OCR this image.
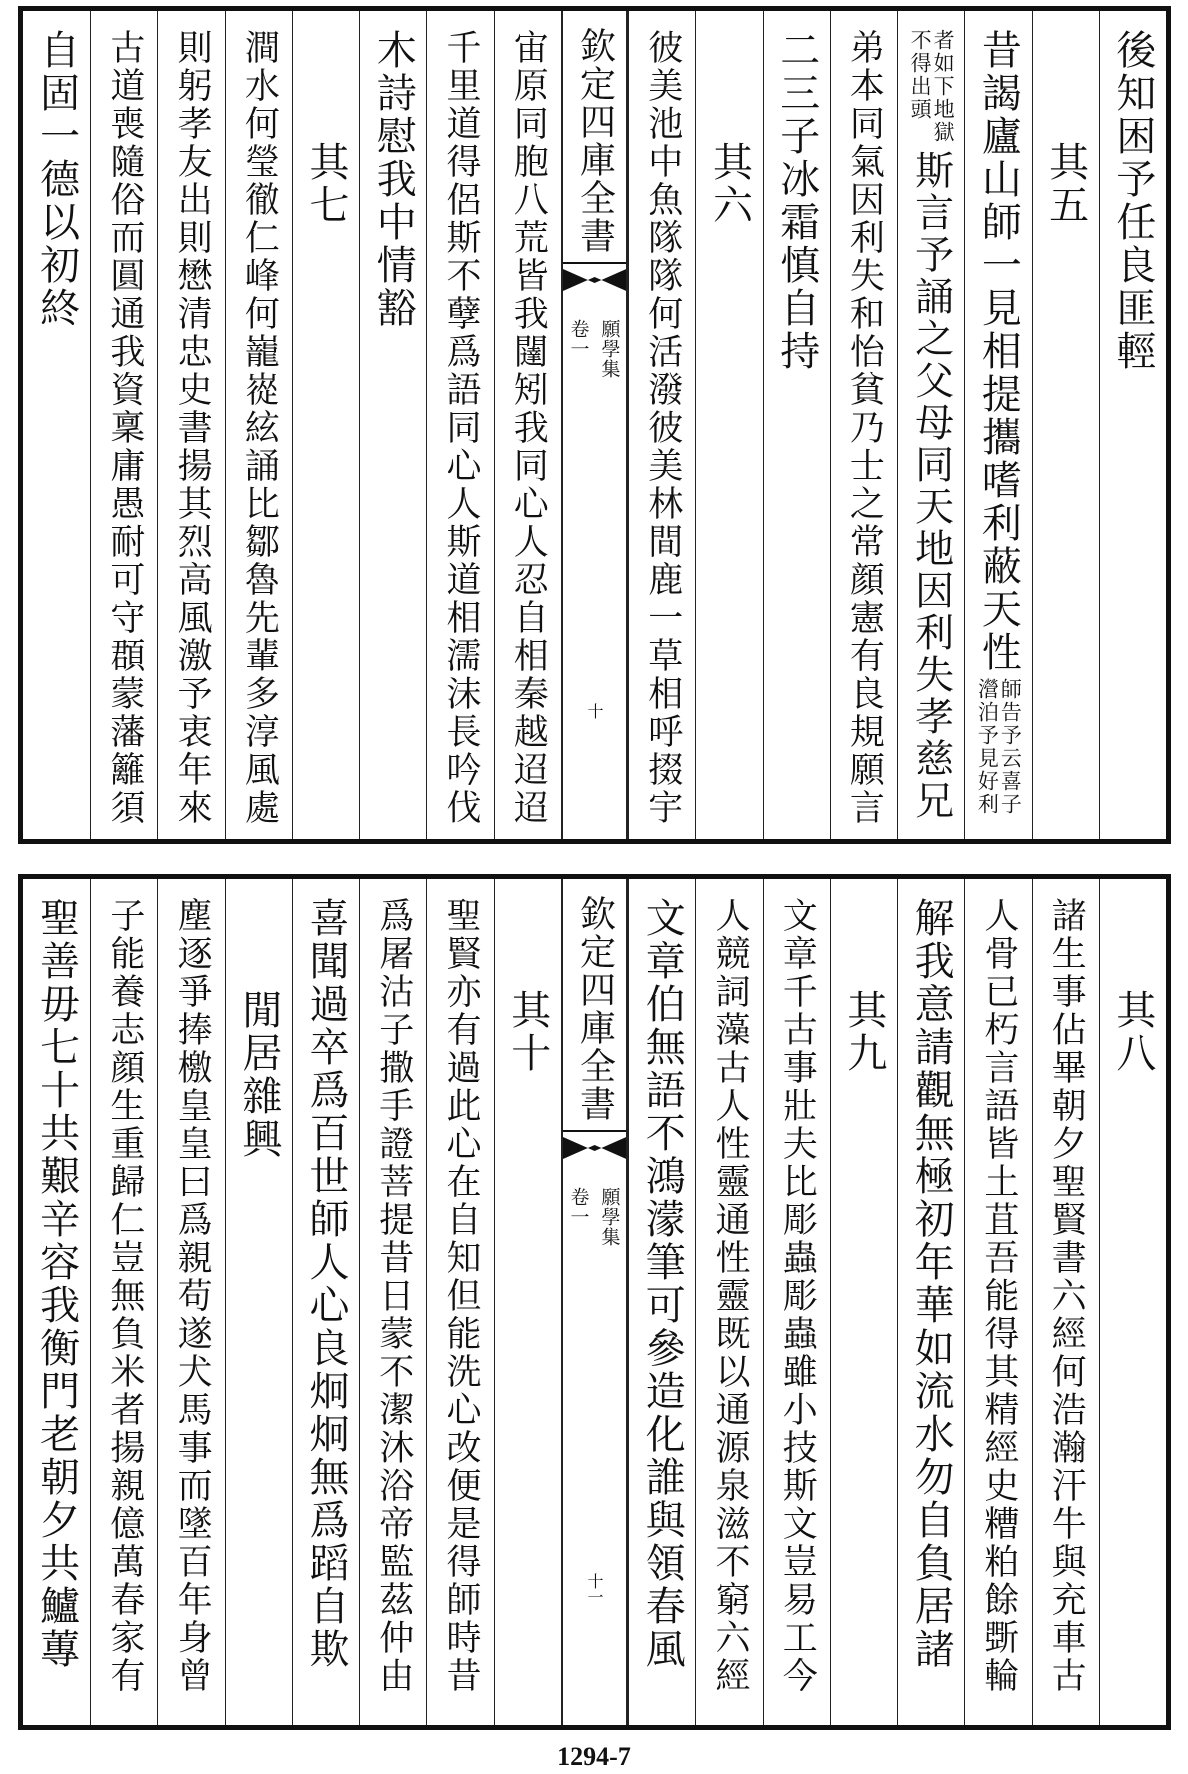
後知困予任良匪輕
其五
昔謁廬山師一見相提攜嗜利蔽天性
師告予云喜子
瀯泊予見好利
者如下地獄
不得出頭
斯言予誦之父母同天地因利失孝慈兄
弟本同氣因利失和怡貧乃士之常顔憲有良規願言
二三子冰霜慎自持
其六
彼美池中魚隊隊何活潑彼美林間鹿一草相呼掇宇
欽定四庫全書
願學集
卷一
十
宙原同胞八荒皆我闥矧我同心人忍自相秦越迢迢
千里道得侶斯不孽爲語同心人斯道相濡沫長吟伐
木詩慰我中情豁
其七
澗水何瑩徹仁峰何巃嵸絃誦比鄒魯先輩多淳風處
則躬孝友出則懋清忠史書揚其烈高風激予衷年來
古道喪隨俗而圓通我資稟庸愚耐可守頵蒙藩籬須
自固一德以初終
其八
諸生事佔畢朝夕聖賢書六經何浩瀚汗牛與充車古
人骨已朽言語皆土苴吾能得其精經史糟粕餘斲輪
解我意請觀無極初年華如流水勿自負居諸
其九
文章千古事壯夫比彫蟲彫蟲雖小技斯文豈易工今
人競詞藻古人性靈通性靈既以通源泉滋不窮六經
文章伯無語不鴻濛筆可參造化誰與領春風
欽定四庫全書
願學集
卷一
十一
其十
聖賢亦有過此心在自知但能洗心改便是得師時昔
爲屠沽子撒手證菩提昔日蒙不潔沐浴帝監茲仲由
喜聞過卒爲百世師人心良炯炯無爲蹈自欺
閒居雜興
塵逐爭捧檄皇皇曰爲親苟遂犬馬事而墜百年身曾
子能養志顔生重歸仁豈無負米者揚親億萬春家有
聖善毋七十共艱辛容我衡門老朝夕共鱸蓴
1294-7
